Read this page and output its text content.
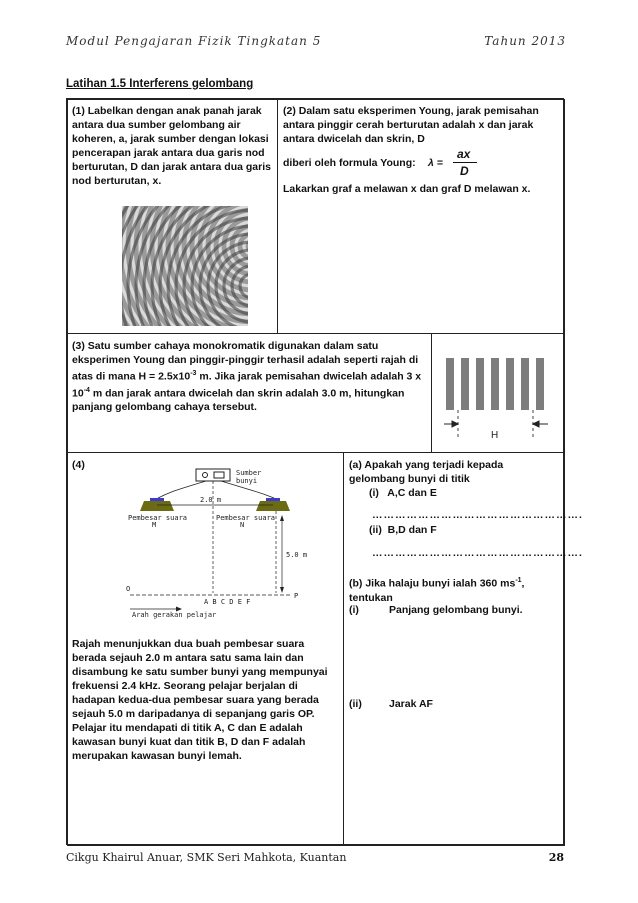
Modul Pengajaran Fizik Tingkatan 5	Tahun 2013
Latihan 1.5 Interferens gelombang
(1) Labelkan dengan anak panah jarak antara dua sumber gelombang air koheren, a, jarak sumber dengan lokasi pencerapan jarak antara dua garis nod berturutan, D dan jarak antara dua garis nod berturutan, x.
(2) Dalam satu eksperimen Young, jarak pemisahan antara pinggir cerah berturutan adalah x dan jarak antara dwicelah dan skrin, D
diberi oleh formula Young: λ =
ax
D
Lakarkan graf a melawan x dan graf D melawan x.
(3) Satu sumber cahaya monokromatik digunakan dalam satu eksperimen Young dan pinggir-pinggir terhasil adalah seperti rajah di atas di mana $H = 2.5x10^{-3}$ m. Jika jarak pemisahan dwicelah adalah 3 x $10^{-4}$ m dan jarak antara dwicelah dan skrin adalah 3.0 m, hitungkan panjang gelombang cahaya tersebut.
H
(4)
Sumber
bunyi
2.0 m
Pembesar suara
M
Pembesar suara
N
5.0 m
O
P
A B C D E F
Arah gerakan pelajar
Rajah menunjukkan dua buah pembesar suara berada sejauh 2.0 m antara satu sama lain dan disambung ke satu sumber bunyi yang mempunyai frekuensi 2.4 kHz. Seorang pelajar berjalan di hadapan kedua-dua pembesar suara yang berada sejauh 5.0 m daripadanya di sepanjang garis OP. Pelajar itu mendapati di titik A, C dan E adalah kawasan bunyi kuat dan titik B, D dan F adalah merupakan kawasan bunyi lemah.
(a) Apakah yang terjadi kepada gelombang bunyi di titik
(i)   A,C dan E
……………………………………………….
(ii)  B,D dan F
……………………………………………….
(b) Jika halaju bunyi ialah 360 $ms^{-1}$, tentukan
(i)	Panjang gelombang bunyi.
(ii)	Jarak AF
Cikgu Khairul Anuar, SMK Seri Mahkota, Kuantan	28
